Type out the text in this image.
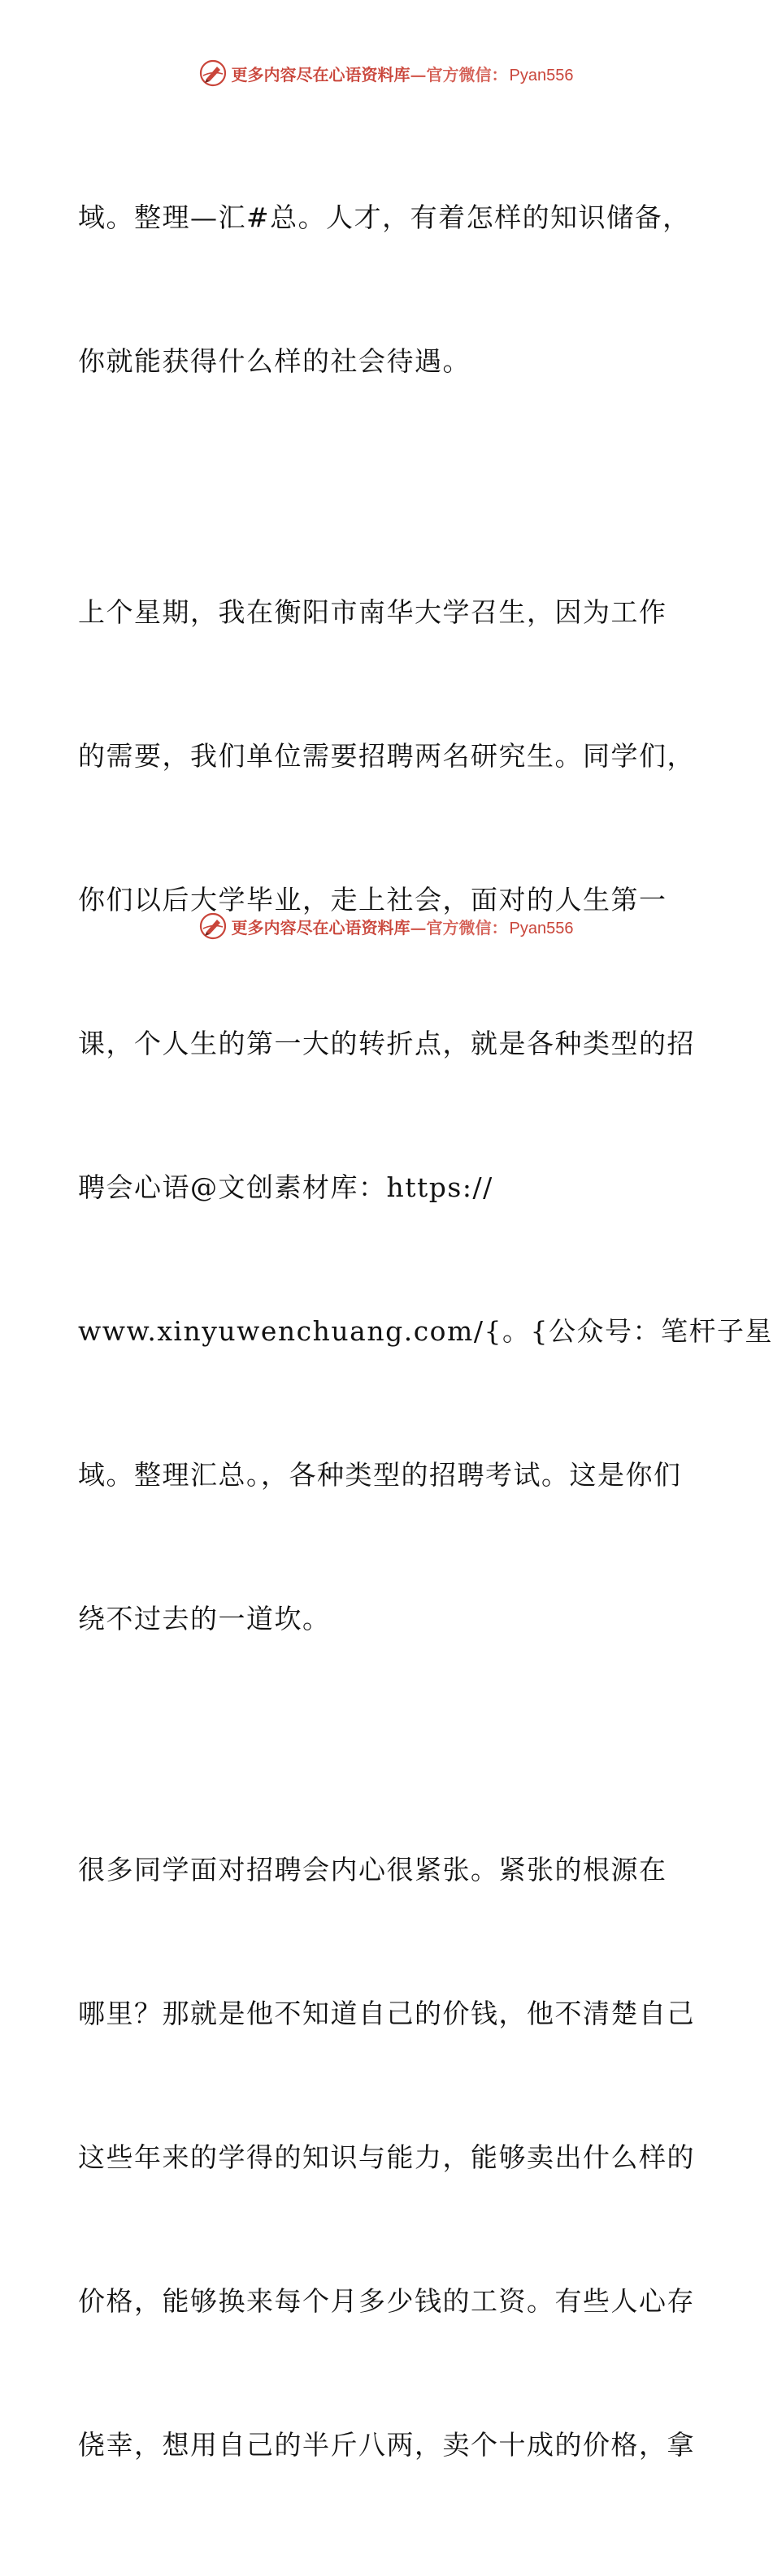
更多内容尽在心语资料库—官方微信： Pyan556

域。整理—汇#总。人才，有着怎样的知识储备，

你就能获得什么样的社会待遇。

上个星期，我在衡阳市南华大学召生，因为工作

的需要，我们单位需要招聘两名研究生。同学们，

你们以后大学毕业，走上社会，面对的人生第一

课，个人生的第一大的转折点，就是各种类型的招

聘会心语@文创素材库：https://

www.xinyuwenchuang.com/{。{公众号：笔杆子星

域。整理汇总。，各种类型的招聘考试。这是你们

绕不过去的一道坎。

很多同学面对招聘会内心很紧张。紧张的根源在

哪里？那就是他不知道自己的价钱，他不清楚自己

这些年来的学得的知识与能力，能够卖出什么样的

价格，能够换来每个月多少钱的工资。有些人心存

侥幸，想用自己的半斤八两，卖个十成的价格，拿

更多内容尽在心语资料库—官方微信： Pyan556
